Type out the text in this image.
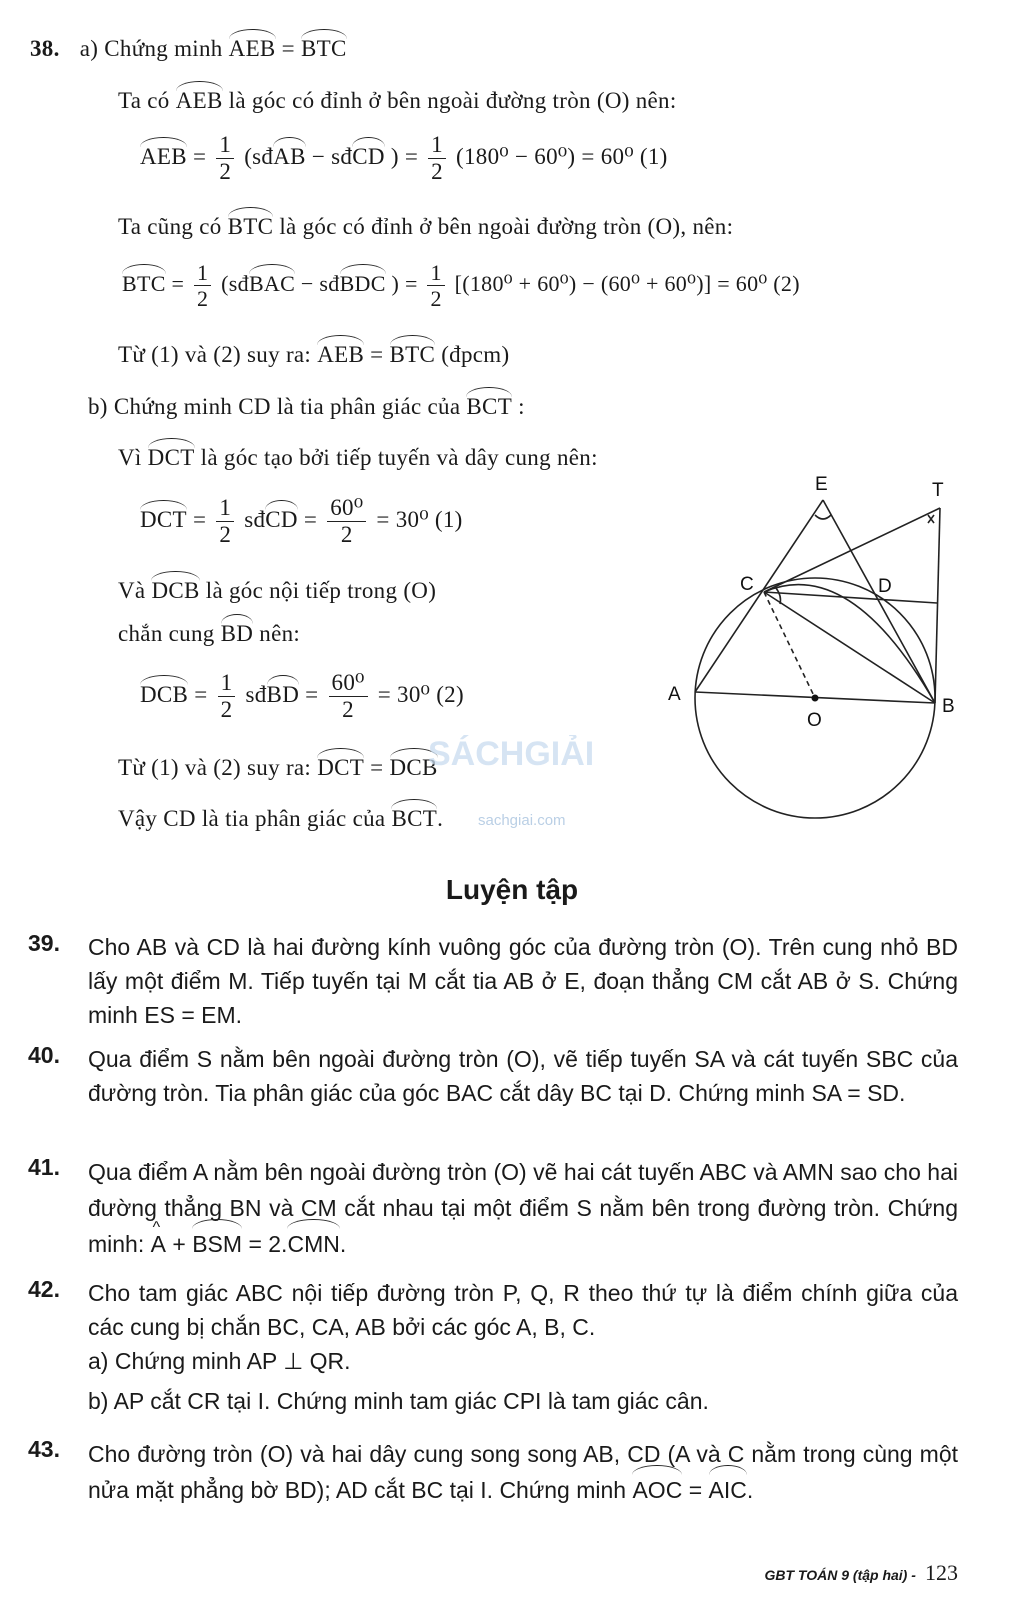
38. a) Chứng minh AEB = BTC
Ta có AEB là góc có đỉnh ở bên ngoài đường tròn (O) nên:
AEB = $\frac{1}{2}$ (sđAB − sđCD ) = $\frac{1}{2} (180^0 - 60^0) = 60^0$ (1)
Ta cũng có BTC là góc có đỉnh ở bên ngoài đường tròn (O), nên:
BTC = $\frac{1}{2}$ (sđBAC − sđBDC ) = $\frac{1}{2} [(180^0 + 60^0) - (60^0 + 60^0)] = 60^0$ (2)
Từ (1) và (2) suy ra: AEB = BTC (đpcm)
b) Chứng minh CD là tia phân giác của BCT :
Vì DCT là góc tạo bởi tiếp tuyến và dây cung nên:
DCT = $\frac{1}{2}$ sđCD = $\frac{\text{60⁰}}{2} = 30^0$ (1)
Và DCB là góc nội tiếp trong (O)
chắn cung BD nên:
DCB = $\frac{1}{2}$ sđBD = $\frac{\text{60⁰}}{2} = 30^0$ (2)
Từ (1) và (2) suy ra: DCT = DCB
Vậy CD là tia phân giác của BCT.
SÁCHGIẢI
sachgiai.com
E	T
C	D
A
O
B
Luyện tập
39. Cho AB và CD là hai đường kính vuông góc của đường tròn (O). Trên cung nhỏ BD lấy một điểm M. Tiếp tuyến tại M cắt tia AB ở E, đoạn thẳng CM cắt AB ở S. Chứng minh ES = EM.
40. Qua điểm S nằm bên ngoài đường tròn (O), vẽ tiếp tuyến SA và cát tuyến SBC của đường tròn. Tia phân giác của góc BAC cắt dây BC tại D. Chứng minh SA = SD.
41. Qua điểm A nằm bên ngoài đường tròn (O) vẽ hai cát tuyến ABC và AMN sao cho hai đường thẳng BN và CM cắt nhau tại một điểm S nằm bên trong đường tròn. Chứng minh: ^ A + BSM = 2.CMN.
42. Cho tam giác ABC nội tiếp đường tròn P, Q, R theo thứ tự là điểm chính giữa của các cung bị chắn BC, CA, AB bởi các góc A, B, C.
a) Chứng minh AP ⊥ QR.
b) AP cắt CR tại I. Chứng minh tam giác CPI là tam giác cân.
43. Cho đường tròn (O) và hai dây cung song song AB, CD (A và C nằm trong cùng một nửa mặt phẳng bờ BD); AD cắt BC tại I. Chứng minh AOC = AIC.
GBT TOÁN 9 (tập hai) - 123
